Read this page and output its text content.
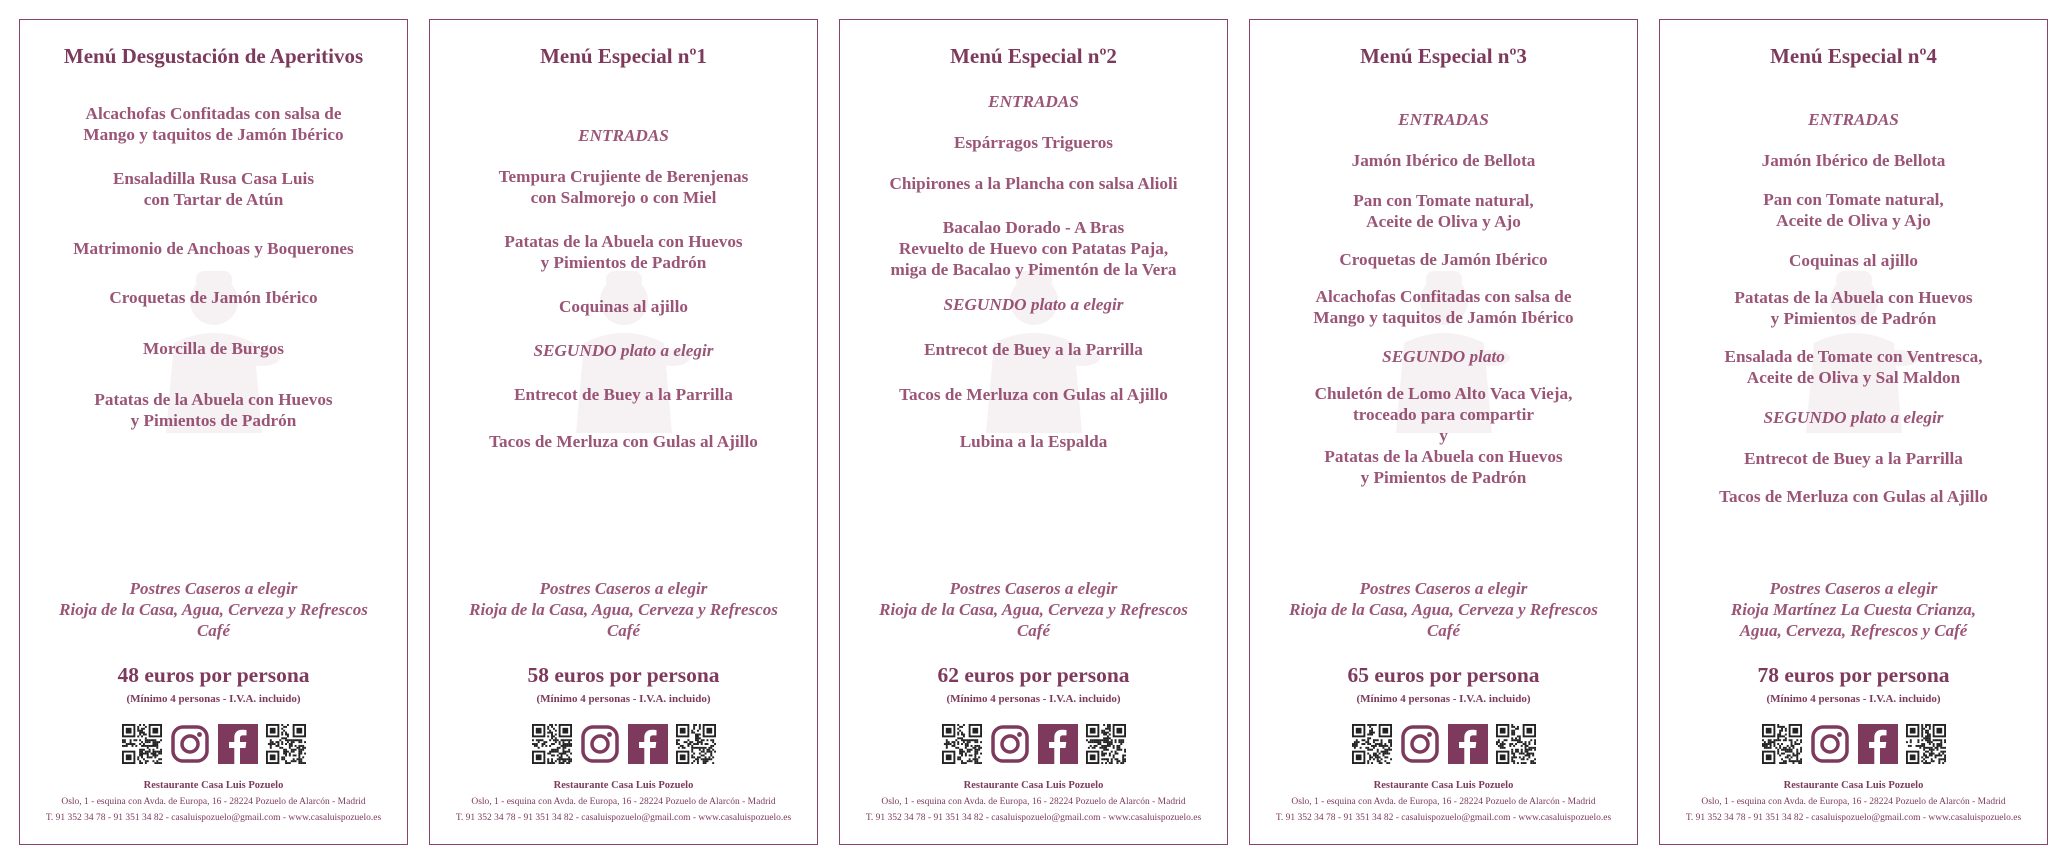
Menú Desgustación de Aperitivos
Alcachofas Confitadas con salsa de
Mango y taquitos de Jamón Ibérico
Ensaladilla Rusa Casa Luis
con Tartar de Atún
Matrimonio de Anchoas y Boquerones
Croquetas de Jamón Ibérico
Morcilla de Burgos
Patatas de la Abuela con Huevos
y Pimientos de Padrón
Postres Caseros a elegir
Rioja de la Casa, Agua, Cerveza y Refrescos
Café
48 euros por persona
(Mínimo 4 personas - I.V.A. incluido)
Restaurante Casa Luis Pozuelo
Oslo, 1 - esquina con Avda. de Europa, 16 - 28224 Pozuelo de Alarcón - Madrid
T. 91 352 34 78 - 91 351 34 82 - casaluispozuelo@gmail.com - www.casaluispozuelo.es
Menú Especial nº1
ENTRADAS
Tempura Crujiente de Berenjenas
con Salmorejo o con Miel
Patatas de la Abuela con Huevos
y Pimientos de Padrón
Coquinas al ajillo
SEGUNDO plato a elegir
Entrecot de Buey a la Parrilla
Tacos de Merluza con Gulas al Ajillo
Postres Caseros a elegir
Rioja de la Casa, Agua, Cerveza y Refrescos
Café
58 euros por persona
(Mínimo 4 personas - I.V.A. incluido)
Restaurante Casa Luis Pozuelo
Oslo, 1 - esquina con Avda. de Europa, 16 - 28224 Pozuelo de Alarcón - Madrid
T. 91 352 34 78 - 91 351 34 82 - casaluispozuelo@gmail.com - www.casaluispozuelo.es
Menú Especial nº2
ENTRADAS
Espárragos Trigueros
Chipirones a la Plancha con salsa Alioli
Bacalao Dorado - A Bras
Revuelto de Huevo con Patatas Paja,
miga de Bacalao y Pimentón de la Vera
SEGUNDO plato a elegir
Entrecot de Buey a la Parrilla
Tacos de Merluza con Gulas al Ajillo
Lubina a la Espalda
Postres Caseros a elegir
Rioja de la Casa, Agua, Cerveza y Refrescos
Café
62 euros por persona
(Mínimo 4 personas - I.V.A. incluido)
Restaurante Casa Luis Pozuelo
Oslo, 1 - esquina con Avda. de Europa, 16 - 28224 Pozuelo de Alarcón - Madrid
T. 91 352 34 78 - 91 351 34 82 - casaluispozuelo@gmail.com - www.casaluispozuelo.es
Menú Especial nº3
ENTRADAS
Jamón Ibérico de Bellota
Pan con Tomate natural,
Aceite de Oliva y Ajo
Croquetas de Jamón Ibérico
Alcachofas Confitadas con salsa de
Mango y taquitos de Jamón Ibérico
SEGUNDO plato
Chuletón de Lomo Alto Vaca Vieja,
troceado para compartir
y
Patatas de la Abuela con Huevos
y Pimientos de Padrón
Postres Caseros a elegir
Rioja de la Casa, Agua, Cerveza y Refrescos
Café
65 euros por persona
(Mínimo 4 personas - I.V.A. incluido)
Restaurante Casa Luis Pozuelo
Oslo, 1 - esquina con Avda. de Europa, 16 - 28224 Pozuelo de Alarcón - Madrid
T. 91 352 34 78 - 91 351 34 82 - casaluispozuelo@gmail.com - www.casaluispozuelo.es
Menú Especial nº4
ENTRADAS
Jamón Ibérico de Bellota
Pan con Tomate natural,
Aceite de Oliva y Ajo
Coquinas al ajillo
Patatas de la Abuela con Huevos
y Pimientos de Padrón
Ensalada de Tomate con Ventresca,
Aceite de Oliva y Sal Maldon
SEGUNDO plato a elegir
Entrecot de Buey a la Parrilla
Tacos de Merluza con Gulas al Ajillo
Postres Caseros a elegir
Rioja Martínez La Cuesta Crianza,
Agua, Cerveza, Refrescos y Café
78 euros por persona
(Mínimo 4 personas - I.V.A. incluido)
Restaurante Casa Luis Pozuelo
Oslo, 1 - esquina con Avda. de Europa, 16 - 28224 Pozuelo de Alarcón - Madrid
T. 91 352 34 78 - 91 351 34 82 - casaluispozuelo@gmail.com - www.casaluispozuelo.es
